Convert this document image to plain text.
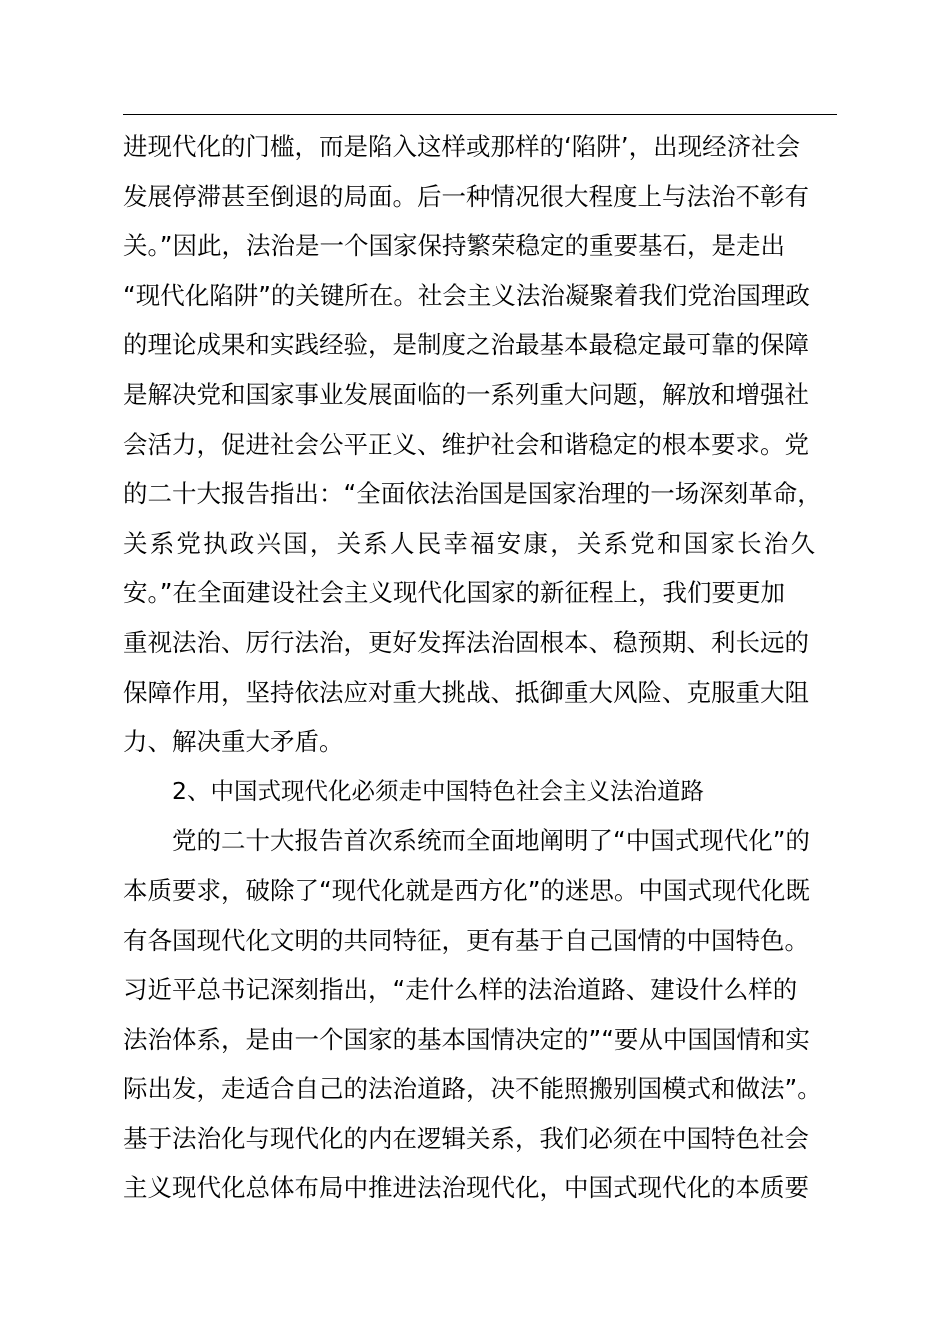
进现代化的门槛，而是陷入这样或那样的‘陷阱’，出现经济社会
发展停滞甚至倒退的局面。后一种情况很大程度上与法治不彰有
关。”因此，法治是一个国家保持繁荣稳定的重要基石，是走出
“现代化陷阱”的关键所在。社会主义法治凝聚着我们党治国理政
的理论成果和实践经验，是制度之治最基本最稳定最可靠的保障
是解决党和国家事业发展面临的一系列重大问题，解放和增强社
会活力，促进社会公平正义、维护社会和谐稳定的根本要求。党
的二十大报告指出：“全面依法治国是国家治理的一场深刻革命，
关系党执政兴国，关系人民幸福安康，关系党和国家长治久
安。”在全面建设社会主义现代化国家的新征程上，我们要更加
重视法治、厉行法治，更好发挥法治固根本、稳预期、利长远的
保障作用，坚持依法应对重大挑战、抵御重大风险、克服重大阻
力、解决重大矛盾。
2、中国式现代化必须走中国特色社会主义法治道路
党的二十大报告首次系统而全面地阐明了“中国式现代化”的
本质要求，破除了“现代化就是西方化”的迷思。中国式现代化既
有各国现代化文明的共同特征，更有基于自己国情的中国特色。
习近平总书记深刻指出，“走什么样的法治道路、建设什么样的
法治体系，是由一个国家的基本国情决定的”“要从中国国情和实
际出发，走适合自己的法治道路，决不能照搬别国模式和做法”。
基于法治化与现代化的内在逻辑关系，我们必须在中国特色社会
主义现代化总体布局中推进法治现代化，中国式现代化的本质要
